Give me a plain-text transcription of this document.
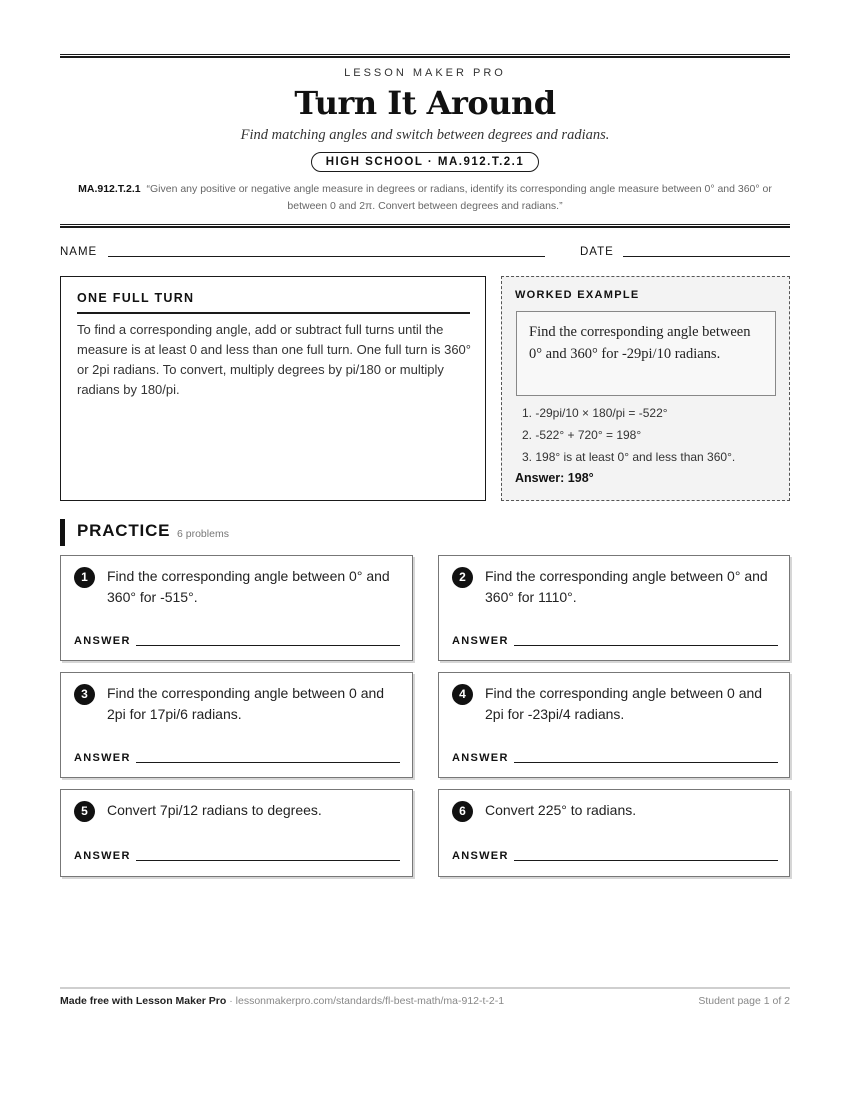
LESSON MAKER PRO
Turn It Around
Find matching angles and switch between degrees and radians.
HIGH SCHOOL · MA.912.T.2.1
MA.912.T.2.1 “Given any positive or negative angle measure in degrees or radians, identify its corresponding angle measure between 0° and 360° or between 0 and 2π. Convert between degrees and radians.”
NAME	DATE
ONE FULL TURN
To find a corresponding angle, add or subtract full turns until the measure is at least 0 and less than one full turn. One full turn is 360° or 2pi radians. To convert, multiply degrees by pi/180 or multiply radians by 180/pi.
WORKED EXAMPLE
Find the corresponding angle between 0° and 360° for -29pi/10 radians.
1. -29pi/10 × 180/pi = -522°
2. -522° + 720° = 198°
3. 198° is at least 0° and less than 360°.
Answer: 198°
PRACTICE 6 problems
1	Find the corresponding angle between 0° and 360° for -515°.
ANSWER
2	Find the corresponding angle between 0° and 360° for 1110°.
ANSWER
3	Find the corresponding angle between 0 and 2pi for 17pi/6 radians.
ANSWER
4	Find the corresponding angle between 0 and 2pi for -23pi/4 radians.
ANSWER
5	Convert 7pi/12 radians to degrees.
ANSWER
6	Convert 225° to radians.
ANSWER
Made free with Lesson Maker Pro · lessonmakerpro.com/standards/fl-best-math/ma-912-t-2-1	Student page 1 of 2
